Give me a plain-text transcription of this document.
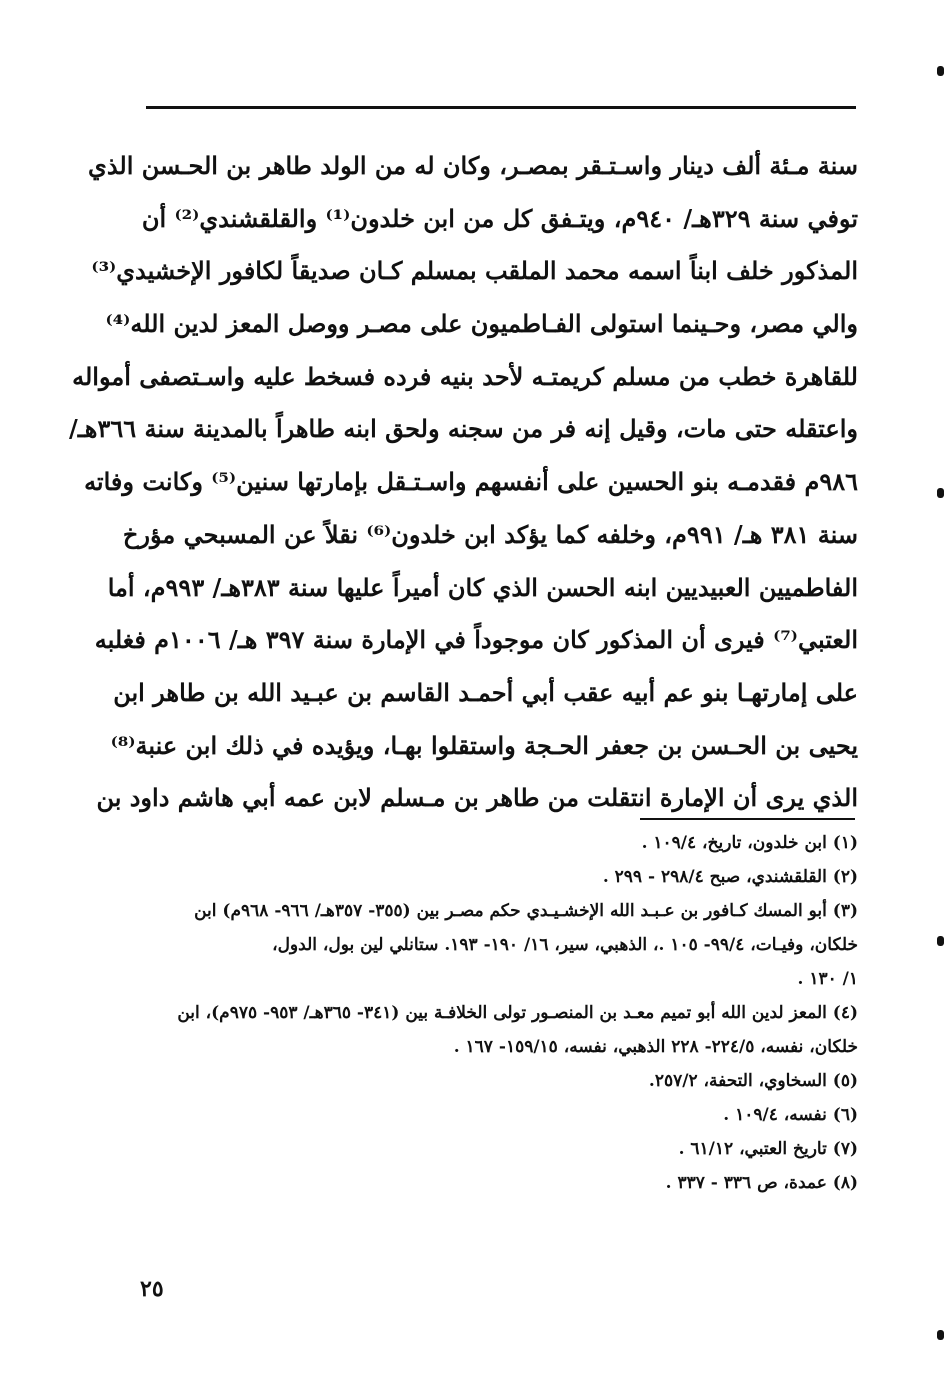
سنة مـئة ألف دينار واسـتـقر بمصـر، وكان له من الولد طاهر بن الحـسن الذي
توفي سنة ٣٢٩هـ/ ٩٤٠م، ويتـفق كل من ابن خلدون⁽¹⁾ والقلقشندي⁽²⁾ أن
المذكور خلف ابناً اسمه محمد الملقب بمسلم كـان صديقاً لكافور الإخشيدي⁽³⁾
والي مصر، وحـينما استولى الفـاطميون على مصـر ووصل المعز لدين الله⁽⁴⁾
للقاهرة خطب من مسلم كريمتـه لأحد بنيه فرده فسخط عليه واسـتصفى أمواله
واعتقله حتى مات، وقيل إنه فر من سجنه ولحق ابنه طاهراً بالمدينة سنة ٣٦٦هـ/
٩٨٦م فقدمـه بنو الحسين على أنفسهم واسـتـقل بإمارتها سنين⁽⁵⁾ وكانت وفاته
سنة ٣٨١ هـ/ ٩٩١م، وخلفه كما يؤكد ابن خلدون⁽⁶⁾ نقلاً عن المسبحي مؤرخ
الفاطميين العبيديين ابنه الحسن الذي كان أميراً عليها سنة ٣٨٣هـ/ ٩٩٣م، أما
العتبي⁽⁷⁾ فيرى أن المذكور كان موجوداً في الإمارة سنة ٣٩٧ هـ/ ١٠٠٦م فغلبه
على إمارتهـا بنو عم أبيه عقب أبي أحمـد القاسم بن عبـيد الله بن طاهر ابن
يحيى بن الحـسن بن جعفر الحـجة واستقلوا بهـا، ويؤيده في ذلك ابن عنبة⁽⁸⁾
الذي يرى أن الإمارة انتقلت من طاهر بن مـسلم لابن عمه أبي هاشم داود بن
(١) ابن خلدون، تاريخ، ١٠٩/٤ .
(٢) القلقشندي، صبح ٢٩٨/٤ - ٢٩٩ .
(٣) أبو المسك كـافور بن عـبـد الله الإخشـيـدي حكم مصـر بين (٣٥٥- ٣٥٧هـ/ ٩٦٦- ٩٦٨م) ابن
خلكان، وفيـات، ٩٩/٤- ١٠٥ .، الذهبي، سير، ١٦/ ١٩٠- ١٩٣. ستانلي لين بول، الدول،
١/ ١٣٠ .
(٤) المعز لدين الله أبو تميم معـد بن المنصـور تولى الخلافـة بين (٣٤١- ٣٦٥هـ/ ٩٥٣- ٩٧٥م)، ابن
خلكان، نفسه، ٢٢٤/٥- ٢٢٨ الذهبي، نفسه، ١٥٩/١٥- ١٦٧ .
(٥) السخاوي، التحفة، ٢٥٧/٢.
(٦) نفسه، ١٠٩/٤ .
(٧) تاريخ العتبي، ٦١/١٢ .
(٨) عمدة، ص ٣٣٦ - ٣٣٧ .
٢٥
